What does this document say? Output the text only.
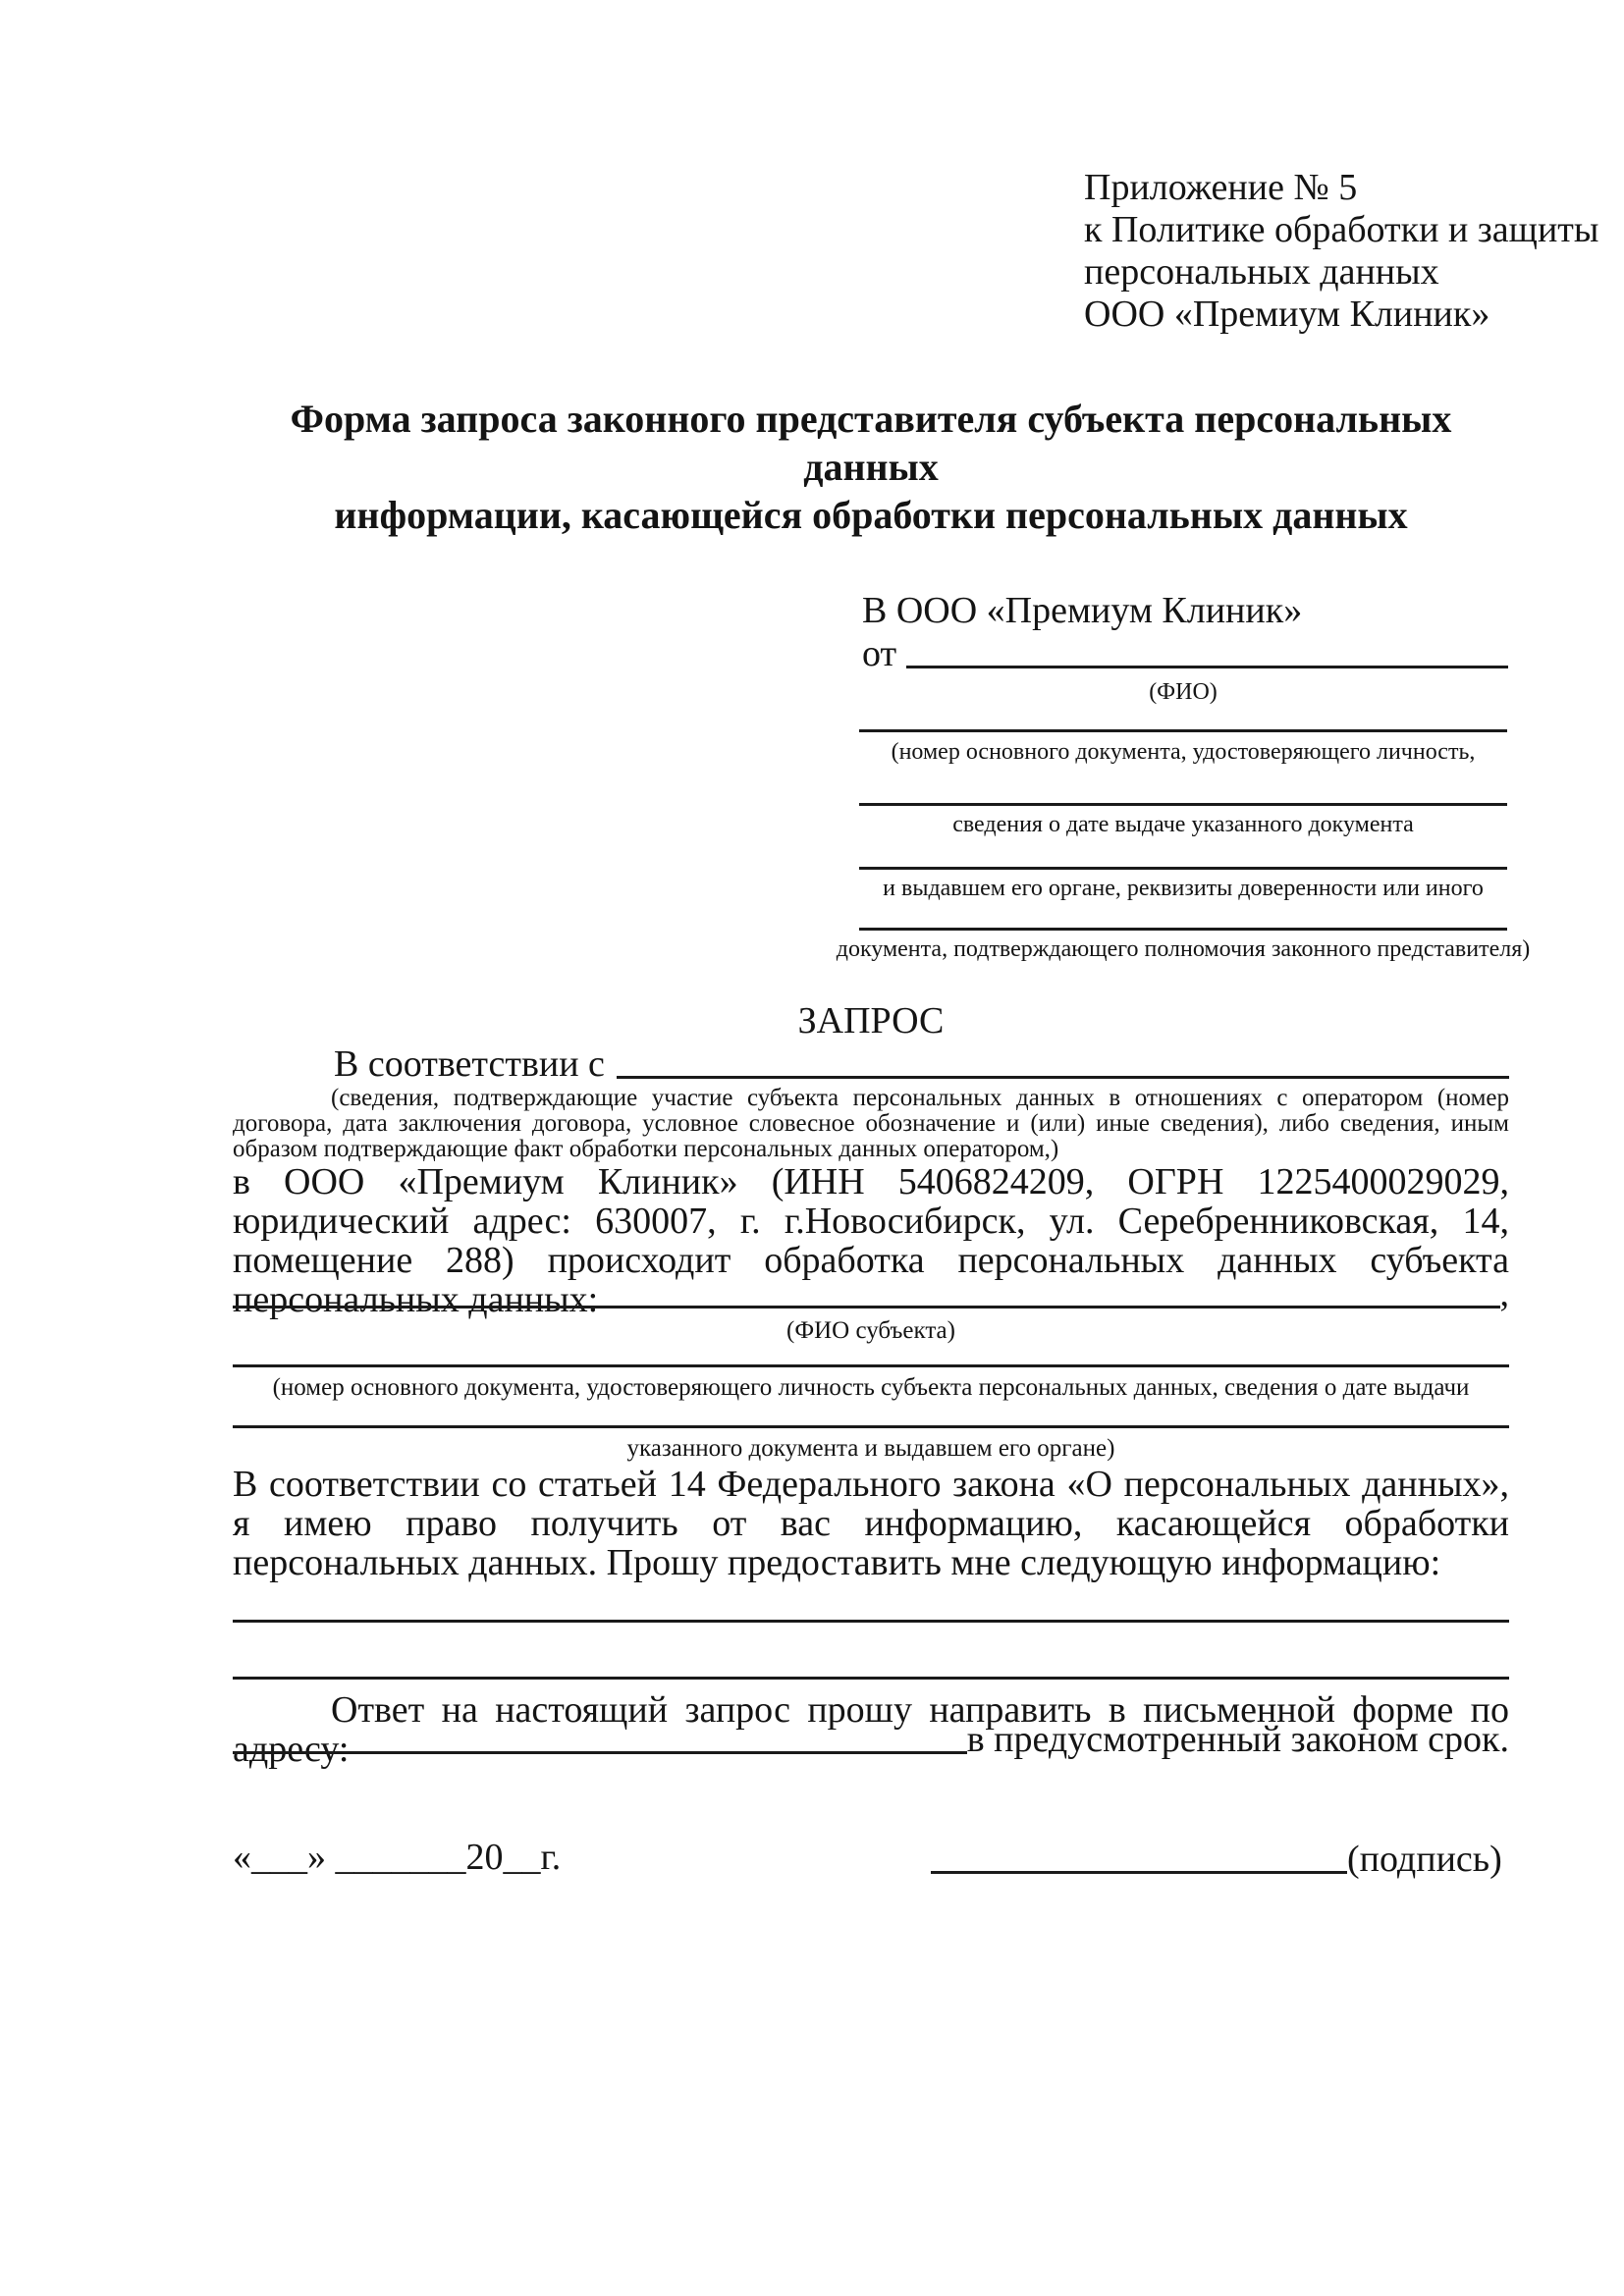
Приложение № 5
к Политике обработки и защиты
персональных данных
ООО «Премиум Клиник»
Форма запроса законного представителя субъекта персональных данных
информации, касающейся обработки персональных данных
В ООО «Премиум Клиник»
от
(ФИО)
(номер основного документа, удостоверяющего личность,
сведения о дате выдаче указанного документа
и выдавшем его органе, реквизиты доверенности или иного
документа, подтверждающего полномочия законного представителя)
ЗАПРОС
В соответствии с
(сведения, подтверждающие участие субъекта персональных данных в отношениях с оператором (номер договора, дата заключения договора, условное словесное обозначение и (или) иные сведения), либо сведения, иным образом подтверждающие факт обработки персональных данных оператором,)
в ООО «Премиум Клиник» (ИНН 5406824209, ОГРН 1225400029029, юридический адрес: 630007, г. г.Новосибирск, ул. Серебренниковская, 14, помещение 288) происходит обработка персональных данных субъекта персональных данных:	,
(ФИО субъекта)
(номер основного документа, удостоверяющего личность субъекта персональных данных, сведения о дате выдачи
указанного документа и выдавшем его органе)
В соответствии со статьей 14 Федерального закона «О персональных данных», я имею право получить от вас информацию, касающейся обработки персональных данных. Прошу предоставить мне следующую информацию:
Ответ на настоящий запрос прошу направить в письменной форме по адресу:	в предусмотренный законом срок.
«___» _______20__г.	(подпись)
